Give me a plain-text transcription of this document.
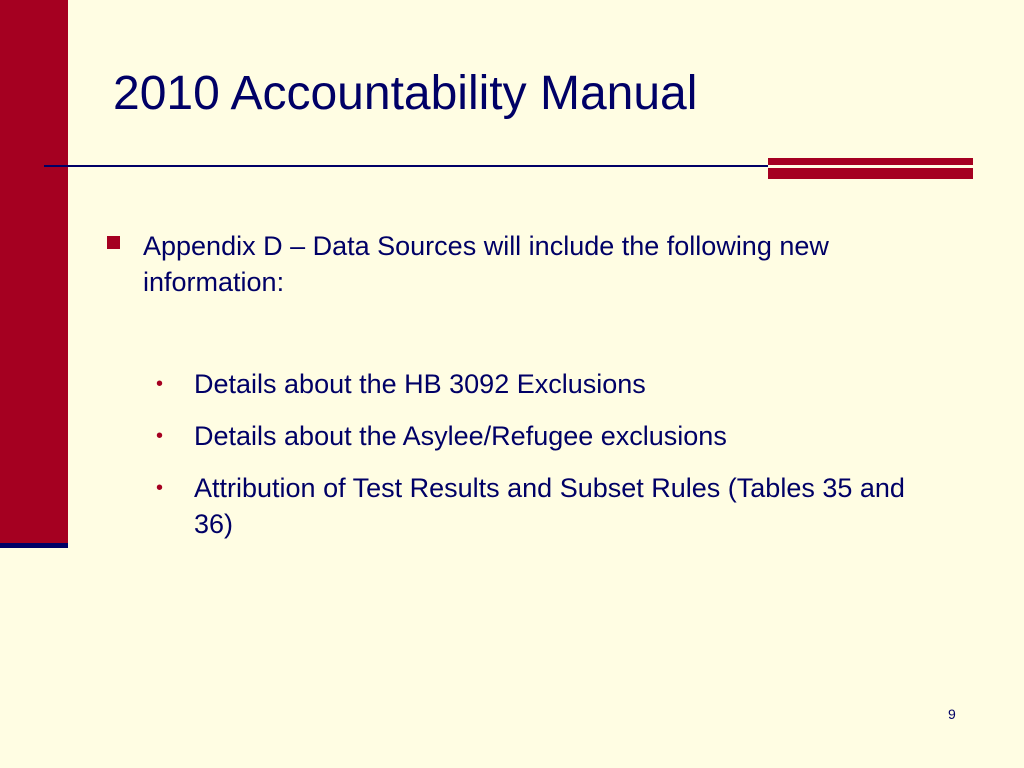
2010 Accountability Manual

Appendix D – Data Sources will include the following new information:

• Details about the HB 3092 Exclusions
• Details about the Asylee/Refugee exclusions
• Attribution of Test Results and Subset Rules (Tables 35 and 36)
9
